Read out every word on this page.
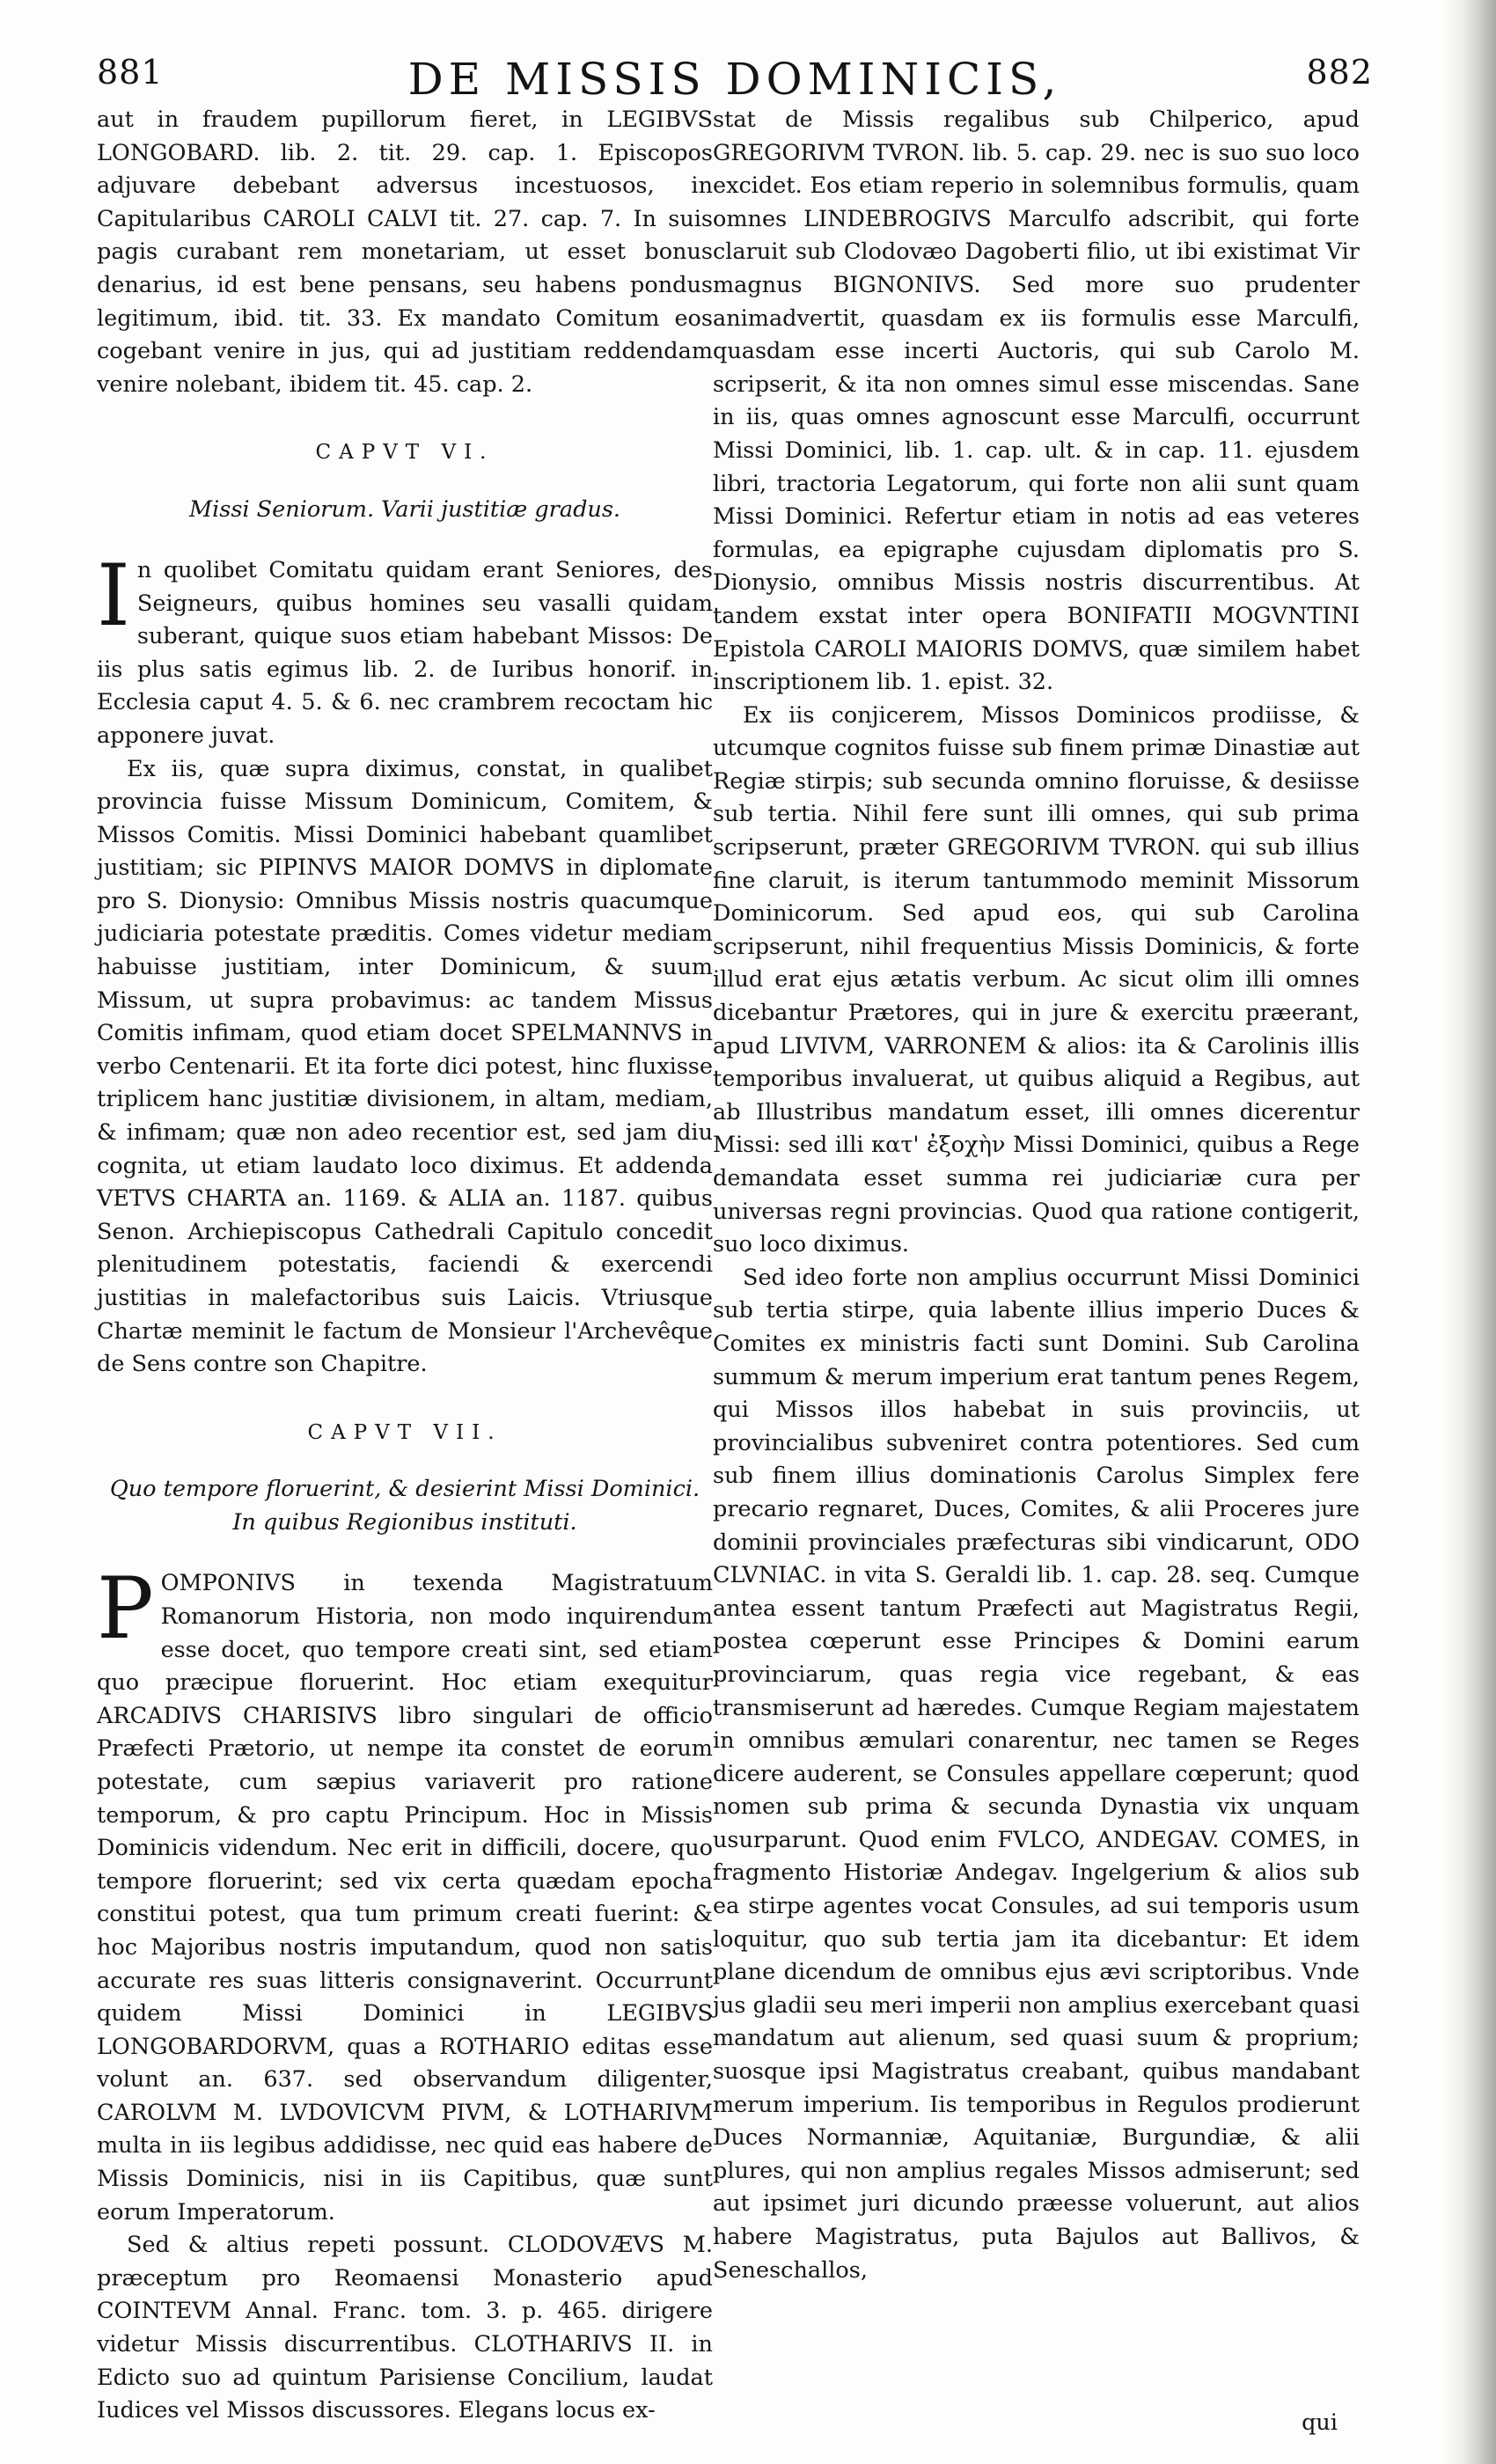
881	DE MISSIS DOMINICIS,	882

aut in fraudem pupillorum fieret, in LEGIBVS LONGOBARD. lib. 2. tit. 29. cap. 1. Episcopos adjuvare debebant adversus incestuosos, in Capitularibus CAROLI CALVI tit. 27. cap. 7. In suis pagis curabant rem monetariam, ut esset bonus denarius, id est bene pensans, seu habens pondus legitimum, ibid. tit. 33. Ex mandato Comitum eos cogebant venire in jus, qui ad justitiam reddendam venire nolebant, ibidem tit. 45. cap. 2.

CAPVT VI.
Missi Seniorum. Varii justitiæ gradus.

In quolibet Comitatu quidam erant Seniores, des Seigneurs, quibus homines seu vasalli quidam suberant, quique suos etiam habebant Missos: De iis plus satis egimus lib. 2. de Iuribus honorif. in Ecclesia caput 4. 5. & 6. nec crambrem recoctam hic apponere juvat.

Ex iis, quæ supra diximus, constat, in qualibet provincia fuisse Missum Dominicum, Comitem, & Missos Comitis. Missi Dominici habebant quamlibet justitiam; sic PIPINVS MAIOR DOMVS in diplomate pro S. Dionysio: Omnibus Missis nostris quacumque judiciaria potestate præditis. Comes videtur mediam habuisse justitiam, inter Dominicum, & suum Missum, ut supra probavimus: ac tandem Missus Comitis infimam, quod etiam docet SPELMANNVS in verbo Centenarii. Et ita forte dici potest, hinc fluxisse triplicem hanc justitiæ divisionem, in altam, mediam, & infimam; quæ non adeo recentior est, sed jam diu cognita, ut etiam laudato loco diximus. Et addenda VETVS CHARTA an. 1169. & ALIA an. 1187. quibus Senon. Archiepiscopus Cathedrali Capitulo concedit plenitudinem potestatis, faciendi & exercendi justitias in malefactoribus suis Laicis. Vtriusque Chartæ meminit le factum de Monsieur l'Archevêque de Sens contre son Chapitre.

CAPVT VII.
Quo tempore floruerint, & desierint Missi Dominici. In quibus Regionibus instituti.

POMPONIVS in texenda Magistratuum Romanorum Historia, non modo inquirendum esse docet, quo tempore creati sint, sed etiam quo præcipue floruerint. Hoc etiam exequitur ARCADIVS CHARISIVS libro singulari de officio Præfecti Prætorio, ut nempe ita constet de eorum potestate, cum sæpius variaverit pro ratione temporum, & pro captu Principum. Hoc in Missis Dominicis videndum. Nec erit in difficili, docere, quo tempore floruerint; sed vix certa quædam epocha constitui potest, qua tum primum creati fuerint: & hoc Majoribus nostris imputandum, quod non satis accurate res suas litteris consignaverint. Occurrunt quidem Missi Dominici in LEGIBVS LONGOBARDORVM, quas a ROTHARIO editas esse volunt an. 637. sed observandum diligenter, CAROLVM M. LVDOVICVM PIVM, & LOTHARIVM multa in iis legibus addidisse, nec quid eas habere de Missis Dominicis, nisi in iis Capitibus, quæ sunt eorum Imperatorum.

Sed & altius repeti possunt. CLODOVÆVS M. præceptum pro Reomaensi Monasterio apud COINTEVM Annal. Franc. tom. 3. p. 465. dirigere videtur Missis discurrentibus. CLOTHARIVS II. in Edicto suo ad quintum Parisiense Concilium, laudat Iudices vel Missos discussores. Elegans locus ex-

stat de Missis regalibus sub Chilperico, apud GREGORIVM TVRON. lib. 5. cap. 29. nec is suo suo loco excidet. Eos etiam reperio in solemnibus formulis, quam omnes LINDEBROGIVS Marculfo adscribit, qui forte claruit sub Clodovæo Dagoberti filio, ut ibi existimat Vir magnus BIGNONIVS. Sed more suo prudenter animadvertit, quasdam ex iis formulis esse Marculfi, quasdam esse incerti Auctoris, qui sub Carolo M. scripserit, & ita non omnes simul esse miscendas. Sane in iis, quas omnes agnoscunt esse Marculfi, occurrunt Missi Dominici, lib. 1. cap. ult. & in cap. 11. ejusdem libri, tractoria Legatorum, qui forte non alii sunt quam Missi Dominici. Refertur etiam in notis ad eas veteres formulas, ea epigraphe cujusdam diplomatis pro S. Dionysio, omnibus Missis nostris discurrentibus. At tandem exstat inter opera BONIFATII MOGVNTINI Epistola CAROLI MAIORIS DOMVS, quæ similem habet inscriptionem lib. 1. epist. 32.

Ex iis conjicerem, Missos Dominicos prodiisse, & utcumque cognitos fuisse sub finem primæ Dinastiæ aut Regiæ stirpis; sub secunda omnino floruisse, & desiisse sub tertia. Nihil fere sunt illi omnes, qui sub prima scripserunt, præter GREGORIVM TVRON. qui sub illius fine claruit, is iterum tantummodo meminit Missorum Dominicorum. Sed apud eos, qui sub Carolina scripserunt, nihil frequentius Missis Dominicis, & forte illud erat ejus ætatis verbum. Ac sicut olim illi omnes dicebantur Prætores, qui in jure & exercitu præerant, apud LIVIVM, VARRONEM & alios: ita & Carolinis illis temporibus invaluerat, ut quibus aliquid a Regibus, aut ab Illustribus mandatum esset, illi omnes dicerentur Missi: sed illi κατ' ἐξοχὴν Missi Dominici, quibus a Rege demandata esset summa rei judiciariæ cura per universas regni provincias. Quod qua ratione contigerit, suo loco diximus.

Sed ideo forte non amplius occurrunt Missi Dominici sub tertia stirpe, quia labente illius imperio Duces & Comites ex ministris facti sunt Domini. Sub Carolina summum & merum imperium erat tantum penes Regem, qui Missos illos habebat in suis provinciis, ut provincialibus subveniret contra potentiores. Sed cum sub finem illius dominationis Carolus Simplex fere precario regnaret, Duces, Comites, & alii Proceres jure dominii provinciales præfecturas sibi vindicarunt, ODO CLVNIAC. in vita S. Geraldi lib. 1. cap. 28. seq. Cumque antea essent tantum Præfecti aut Magistratus Regii, postea cœperunt esse Principes & Domini earum provinciarum, quas regia vice regebant, & eas transmiserunt ad hæredes. Cumque Regiam majestatem in omnibus æmulari conarentur, nec tamen se Reges dicere auderent, se Consules appellare cœperunt; quod nomen sub prima & secunda Dynastia vix unquam usurparunt. Quod enim FVLCO, ANDEGAV. COMES, in fragmento Historiæ Andegav. Ingelgerium & alios sub ea stirpe agentes vocat Consules, ad sui temporis usum loquitur, quo sub tertia jam ita dicebantur: Et idem plane dicendum de omnibus ejus ævi scriptoribus. Vnde jus gladii seu meri imperii non amplius exercebant quasi mandatum aut alienum, sed quasi suum & proprium; suosque ipsi Magistratus creabant, quibus mandabant merum imperium. Iis temporibus in Regulos prodierunt Duces Normanniæ, Aquitaniæ, Burgundiæ, & alii plures, qui non amplius regales Missos admiserunt; sed aut ipsimet juri dicundo præesse voluerunt, aut alios habere Magistratus, puta Bajulos aut Ballivos, & Seneschallos,

qui
